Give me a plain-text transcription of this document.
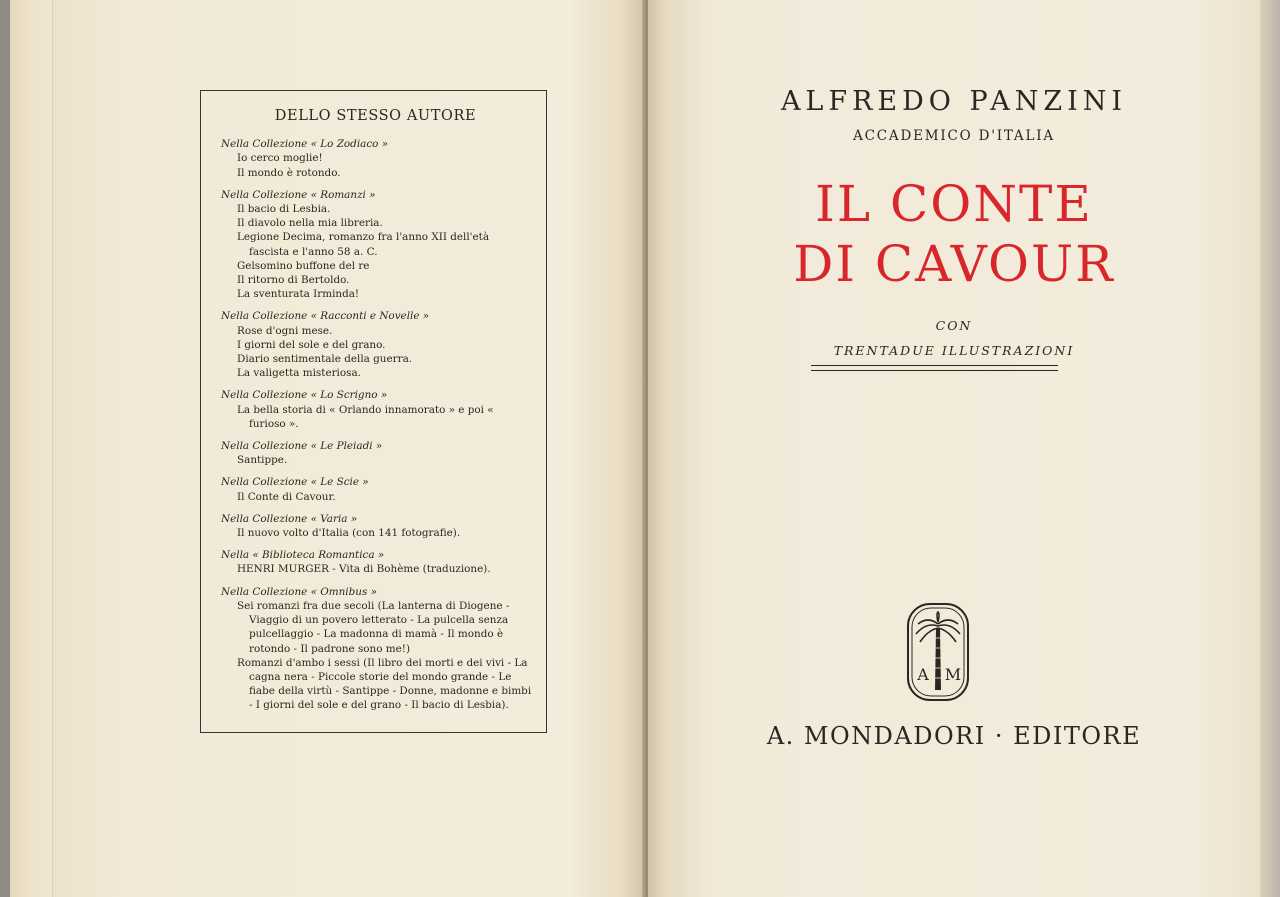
DELLO STESSO AUTORE

Nella Collezione « Lo Zodiaco »

Io cerco moglie!

Il mondo è rotondo.

Nella Collezione « Romanzi »

Il bacio di Lesbia.

Il diavolo nella mia libreria.

Legione Decima, romanzo fra l'anno XII dell'età fascista e l'anno 58 a. C.

Gelsomino buffone del re

Il ritorno di Bertoldo.

La sventurata Irminda!

Nella Collezione « Racconti e Novelle »

Rose d'ogni mese.

I giorni del sole e del grano.

Diario sentimentale della guerra.

La valigetta misteriosa.

Nella Collezione « Lo Scrigno »

La bella storia di « Orlando innamorato » e poi « furioso ».

Nella Collezione « Le Pleiadi »

Santippe.

Nella Collezione « Le Scie »

Il Conte di Cavour.

Nella Collezione « Varia »

Il nuovo volto d'Italia (con 141 fotografie).

Nella « Biblioteca Romantica »

HENRI MURGER - Vita di Bohème (traduzione).

Nella Collezione « Omnibus »

Sei romanzi fra due secoli (La lanterna di Diogene - Viaggio di un povero letterato - La pulcella senza pulcellaggio - La madonna di mamà - Il mondo è rotondo - Il padrone sono me!)

Romanzi d'ambo i sessi (Il libro dei morti e dei vivi - La cagna nera - Piccole storie del mondo grande - Le fiabe della virtù - Santippe - Donne, madonne e bimbi - I giorni del sole e del grano - Il bacio di Lesbia).

ALFREDO PANZINI
ACCADEMICO D'ITALIA
IL CONTE
DI CAVOUR
CON
TRENTADUE ILLUSTRAZIONI
A M
A. MONDADORI · EDITORE
